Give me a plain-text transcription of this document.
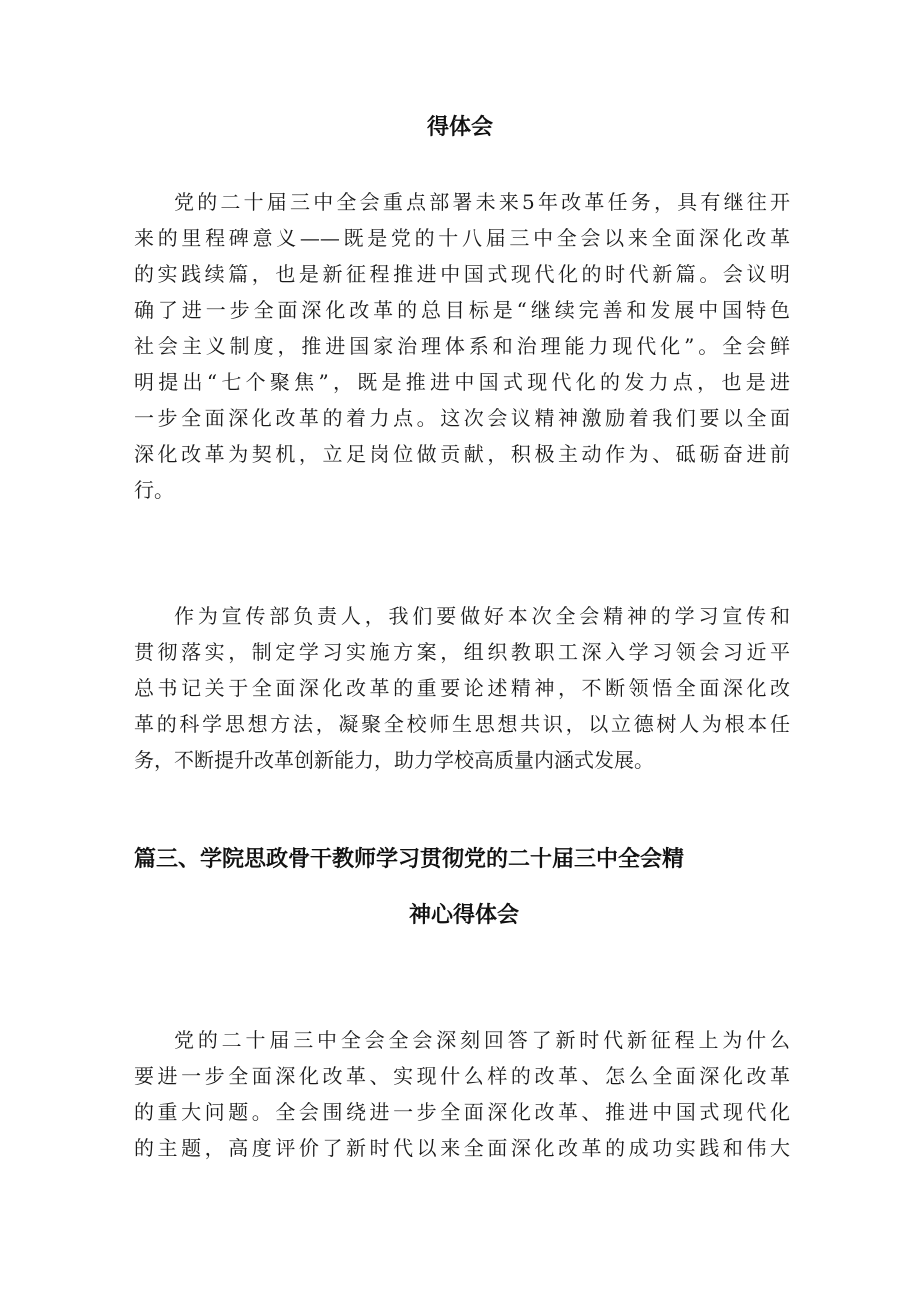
得体会
党的二十届三中全会重点部署未来5年改革任务，具有继往开
来的里程碑意义——既是党的十八届三中全会以来全面深化改革
的实践续篇，也是新征程推进中国式现代化的时代新篇。会议明
确了进一步全面深化改革的总目标是“继续完善和发展中国特色
社会主义制度，推进国家治理体系和治理能力现代化”。全会鲜
明提出“七个聚焦”，既是推进中国式现代化的发力点，也是进
一步全面深化改革的着力点。这次会议精神激励着我们要以全面
深化改革为契机，立足岗位做贡献，积极主动作为、砥砺奋进前
行。
作为宣传部负责人，我们要做好本次全会精神的学习宣传和
贯彻落实，制定学习实施方案，组织教职工深入学习领会习近平
总书记关于全面深化改革的重要论述精神，不断领悟全面深化改
革的科学思想方法，凝聚全校师生思想共识，以立德树人为根本任
务，不断提升改革创新能力，助力学校高质量内涵式发展。
篇三、学院思政骨干教师学习贯彻党的二十届三中全会精
神心得体会
党的二十届三中全会全会深刻回答了新时代新征程上为什么
要进一步全面深化改革、实现什么样的改革、怎么全面深化改革
的重大问题。全会围绕进一步全面深化改革、推进中国式现代化
的主题，高度评价了新时代以来全面深化改革的成功实践和伟大
